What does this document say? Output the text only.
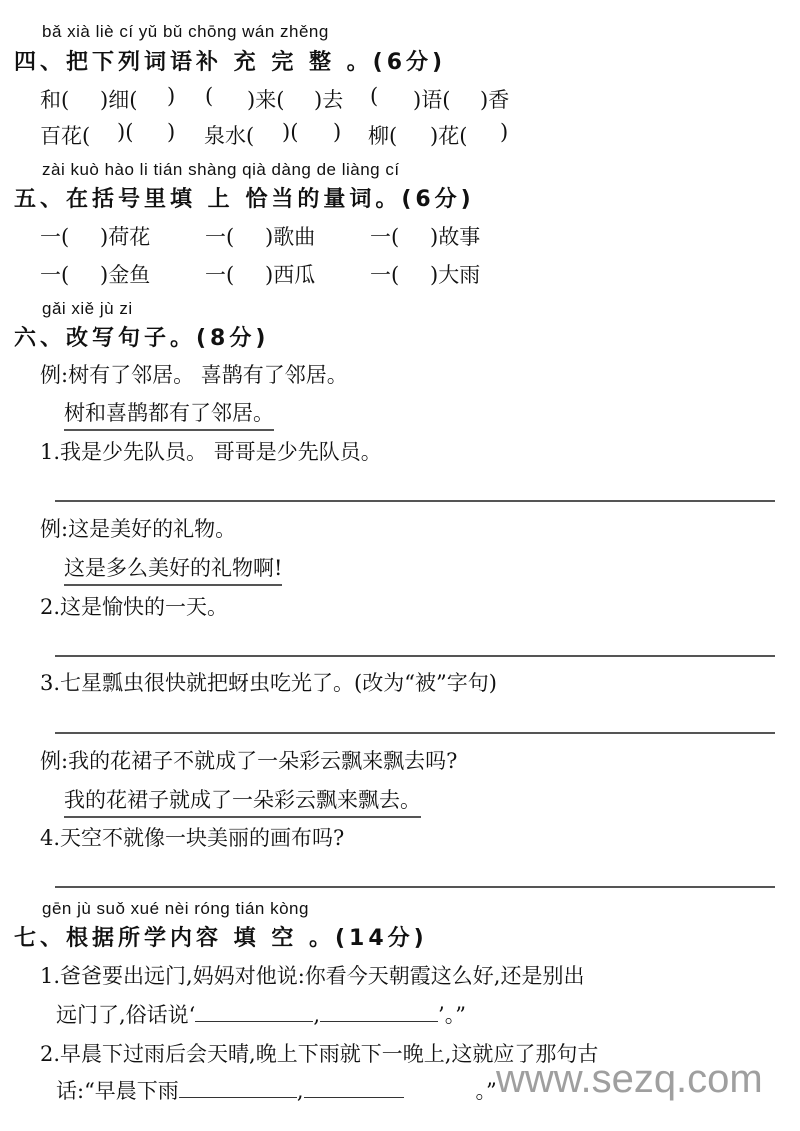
bǎ xià liè cí yǔ bǔ chōng wán zhěng
四、把下列词语补 充 完 整 。(6分)
和( )细( ) ( )来( )去 ( )语( )香
百花( )( ) 泉水( )( ) 柳( )花( )
zài kuò hào li tián shàng qià dàng de liàng cí
五、在括号里填 上 恰当的量词。(6分)
一( )荷花	一( )歌曲	一( )故事
一( )金鱼	一( )西瓜	一( )大雨
gǎi xiě jù zi
六、改写句子。(8分)
例:树有了邻居。 喜鹊有了邻居。
树和喜鹊都有了邻居。
1.我是少先队员。 哥哥是少先队员。
例:这是美好的礼物。
这是多么美好的礼物啊!
2.这是愉快的一天。
3.七星瓢虫很快就把蚜虫吃光了。(改为“被”字句)
例:我的花裙子不就成了一朵彩云飘来飘去吗?
我的花裙子就成了一朵彩云飘来飘去。
4.天空不就像一块美丽的画布吗?
gēn jù suǒ xué nèi róng tián kòng
七、根据所学内容 填 空 。(14分)
1.爸爸要出远门,妈妈对他说:你看今天朝霞这么好,还是别出
远门了,俗话说‘	,	’。”
2.早晨下过雨后会天晴,晚上下雨就下一晚上,这就应了那句古
话:“早晨下雨	,	。” www.sezq.com
